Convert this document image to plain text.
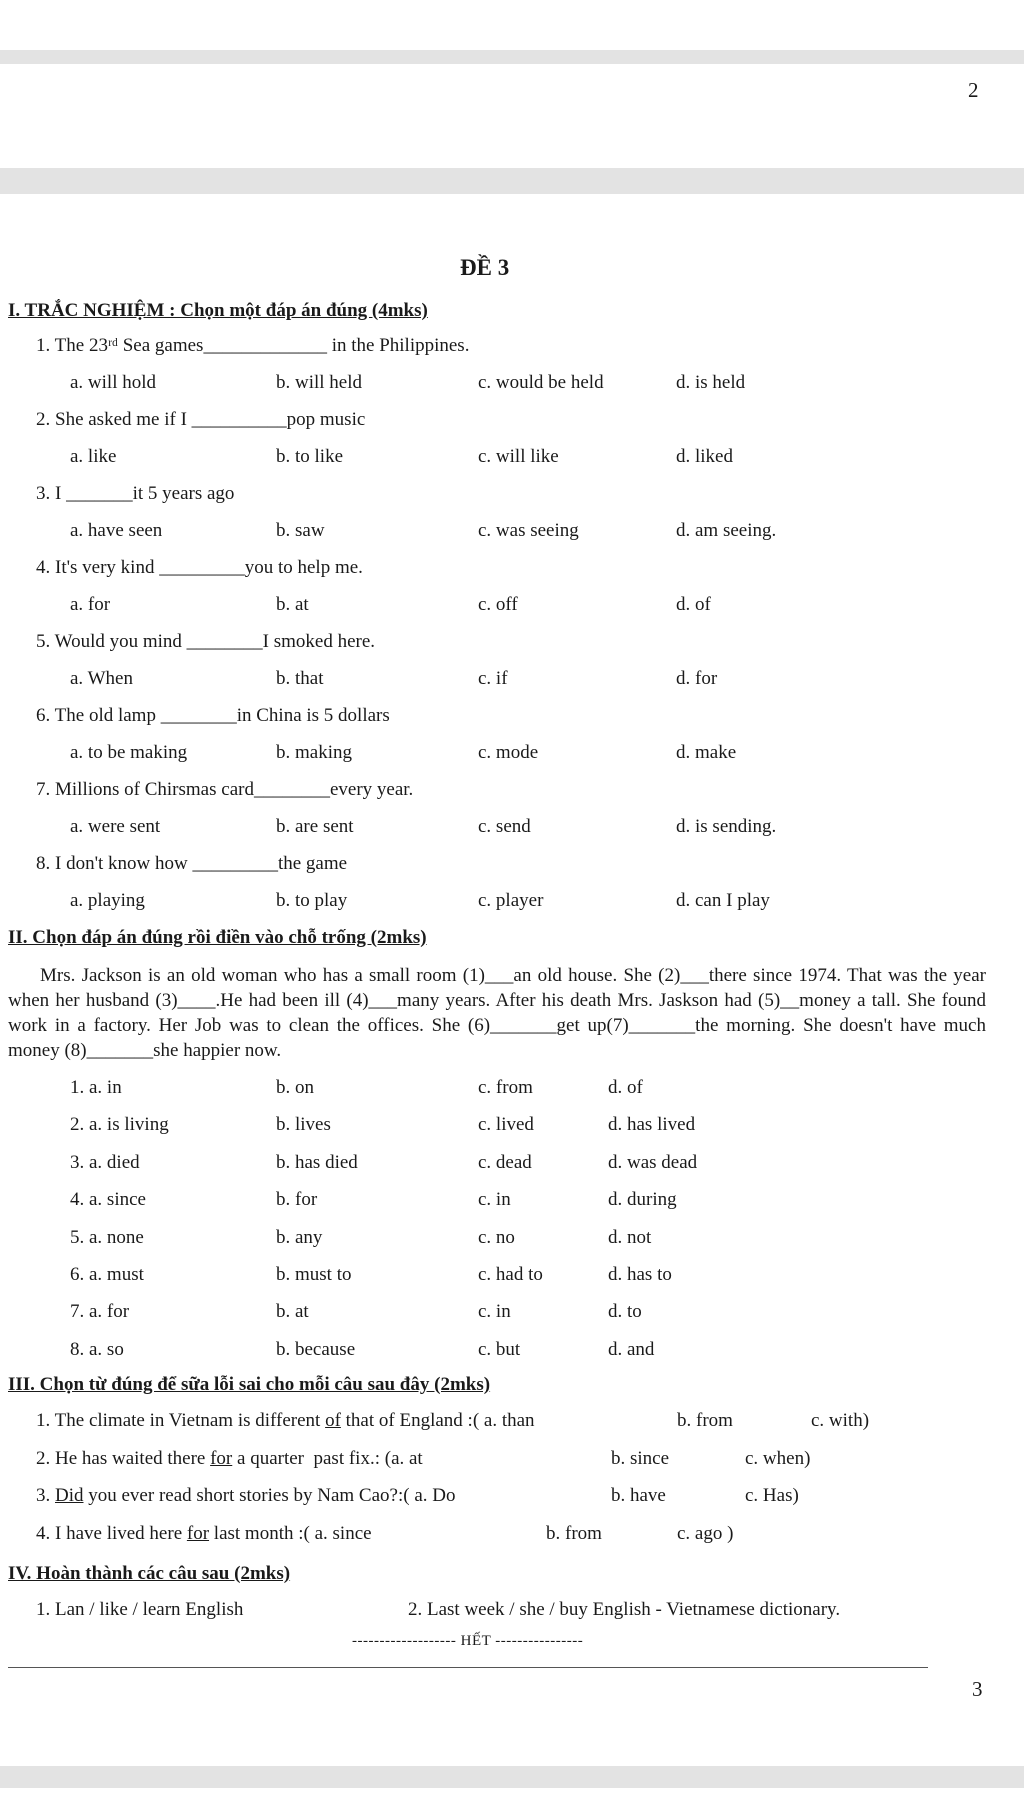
2
ĐỀ 3
I. TRẮC NGHIỆM : Chọn một đáp án đúng (4mks)
1. The 23ʳᵈ Sea games_____________ in the Philippines.
a. will hold	b. will held	c. would be held	d. is held
2. She asked me if I __________pop music
a. like	b. to like	c. will like	d. liked
3. I _______it 5 years ago
a. have seen	b. saw	c. was seeing	d. am seeing.
4. It's very kind _________you to help me.
a. for	b. at	c. off	d. of
5. Would you mind ________I smoked here.
a. When	b. that	c. if	d. for
6. The old lamp ________in China is 5 dollars
a. to be making	b. making	c. mode	d. make
7. Millions of Chirsmas card________every year.
a. were sent	b. are sent	c. send	d. is sending.
8. I don't know how _________the game
a. playing	b. to play	c. player	d. can I play
II. Chọn đáp án đúng rồi điền vào chỗ trống (2mks)

Mrs. Jackson is an old woman who has a small room (1)___an old house. She (2)___there since 1974. That was the year when her husband (3)____.He had been ill (4)___many years. After his death Mrs. Jaskson had (5)__money a tall. She found work in a factory. Her Job was to clean the offices. She (6)_______get up(7)_______the morning. She doesn't have much money (8)_______she happier now.

1. a. in	b. on	c. from	d. of
2. a. is living	b. lives	c. lived	d. has lived
3. a. died	b. has died	c. dead	d. was dead
4. a. since	b. for	c. in	d. during
5. a. none	b. any	c. no	d. not
6. a. must	b. must to	c. had to	d. has to
7. a. for	b. at	c. in	d. to
8. a. so	b. because	c. but	d. and
III. Chọn từ đúng để sữa lỗi sai cho mỗi câu sau đây (2mks)
1. The climate in Vietnam is different of that of England :( a. than	b. from	c. with)
2. He has waited there for a quarter  past fix.: (a. at	b. since	c. when)
3. Did you ever read short stories by Nam Cao?:( a. Do	b. have	c. Has)
4. I have lived here for last month :( a. since	b. from	c. ago )
IV. Hoàn thành các câu sau (2mks)
1. Lan / like / learn English	2. Last week / she / buy English - Vietnamese dictionary.
------------------- HẾT ----------------
3
